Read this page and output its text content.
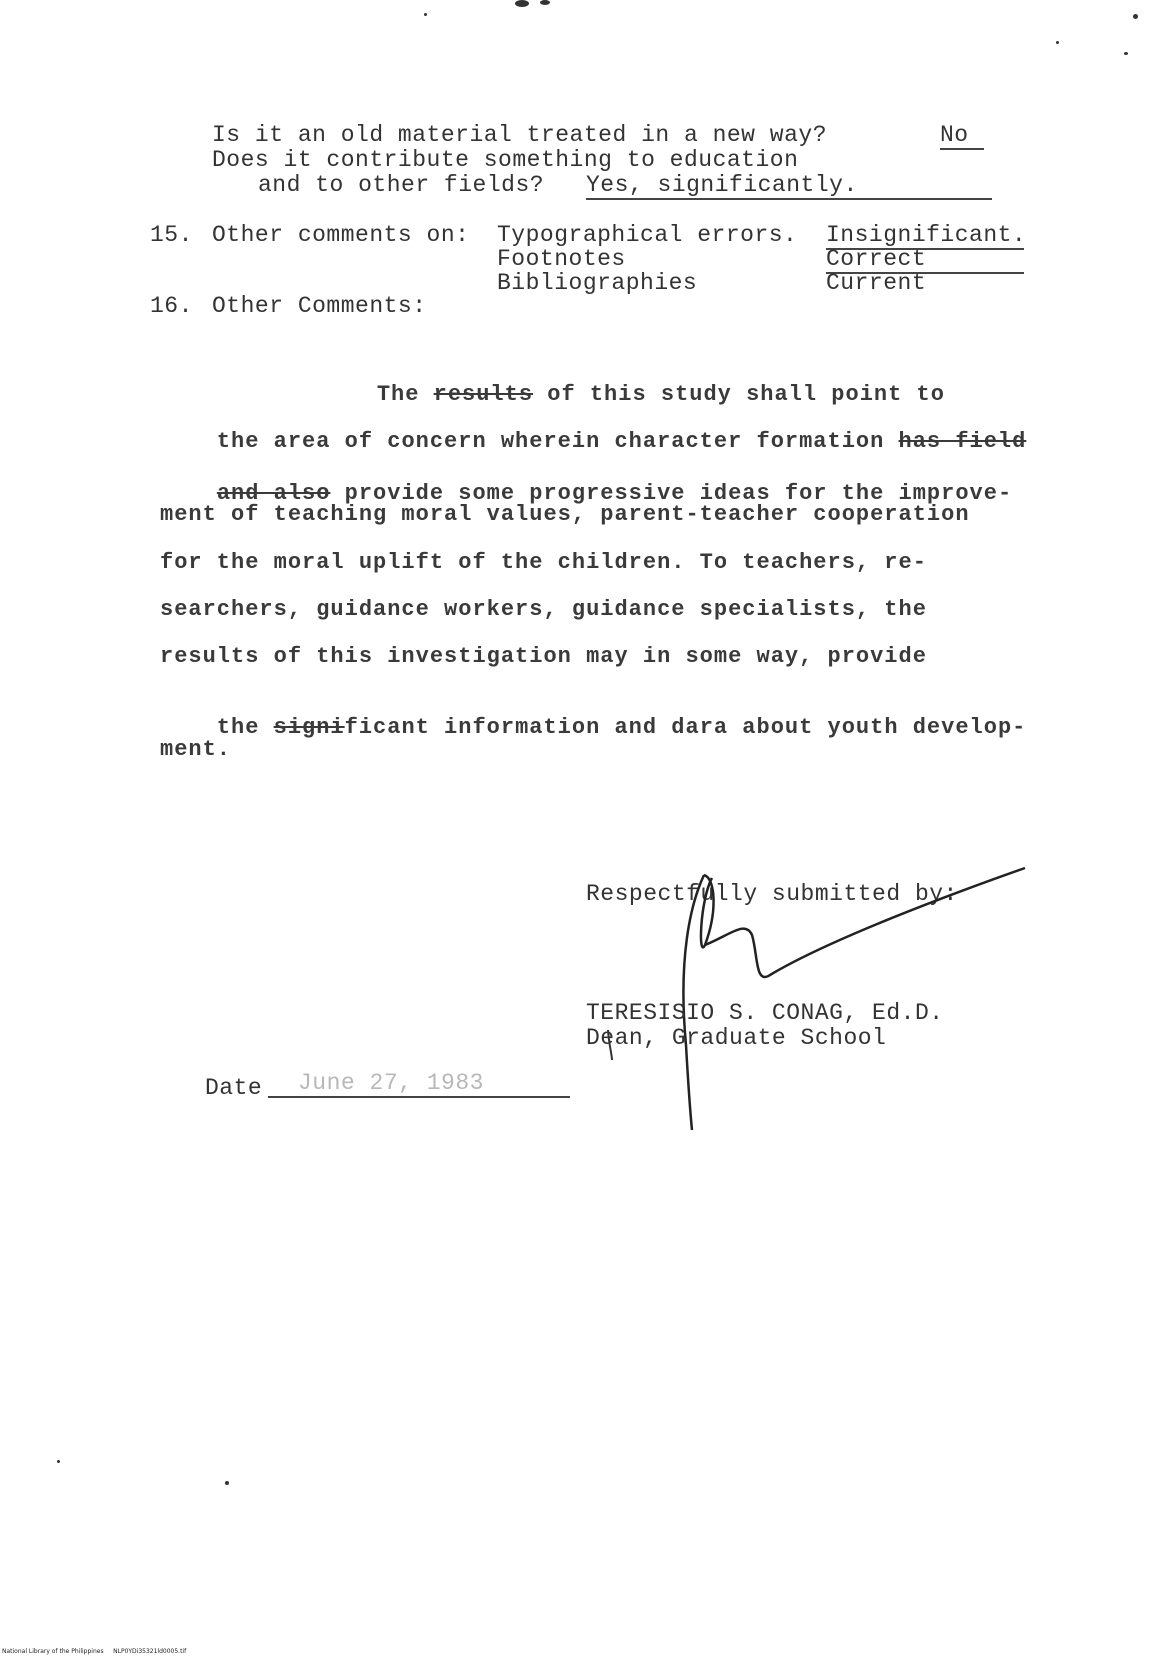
Is it an old material treated in a new way?	No
Does it contribute something to education
and to other fields? Yes, significantly.
15. Other comments on: Typographical errors. Insignificant.
Footnotes	Correct
Bibliographies	Current
16. Other Comments:

The results of this study shall point to

the area of concern wherein character formation has field

and also provide some progressive ideas for the improve-

ment of teaching moral values, parent-teacher cooperation
for the moral uplift of the children. To teachers, re-
searchers, guidance workers, guidance specialists, the
results of this investigation may in some way, provide

the significant information and dara about youth develop-

ment.
Respectfully submitted by:
TERESISIO S. CONAG, Ed.D.
Dean, Graduate School
Date	June 27, 1983
National Library of the Philippines NLP0YDi35321ld0005.tif
